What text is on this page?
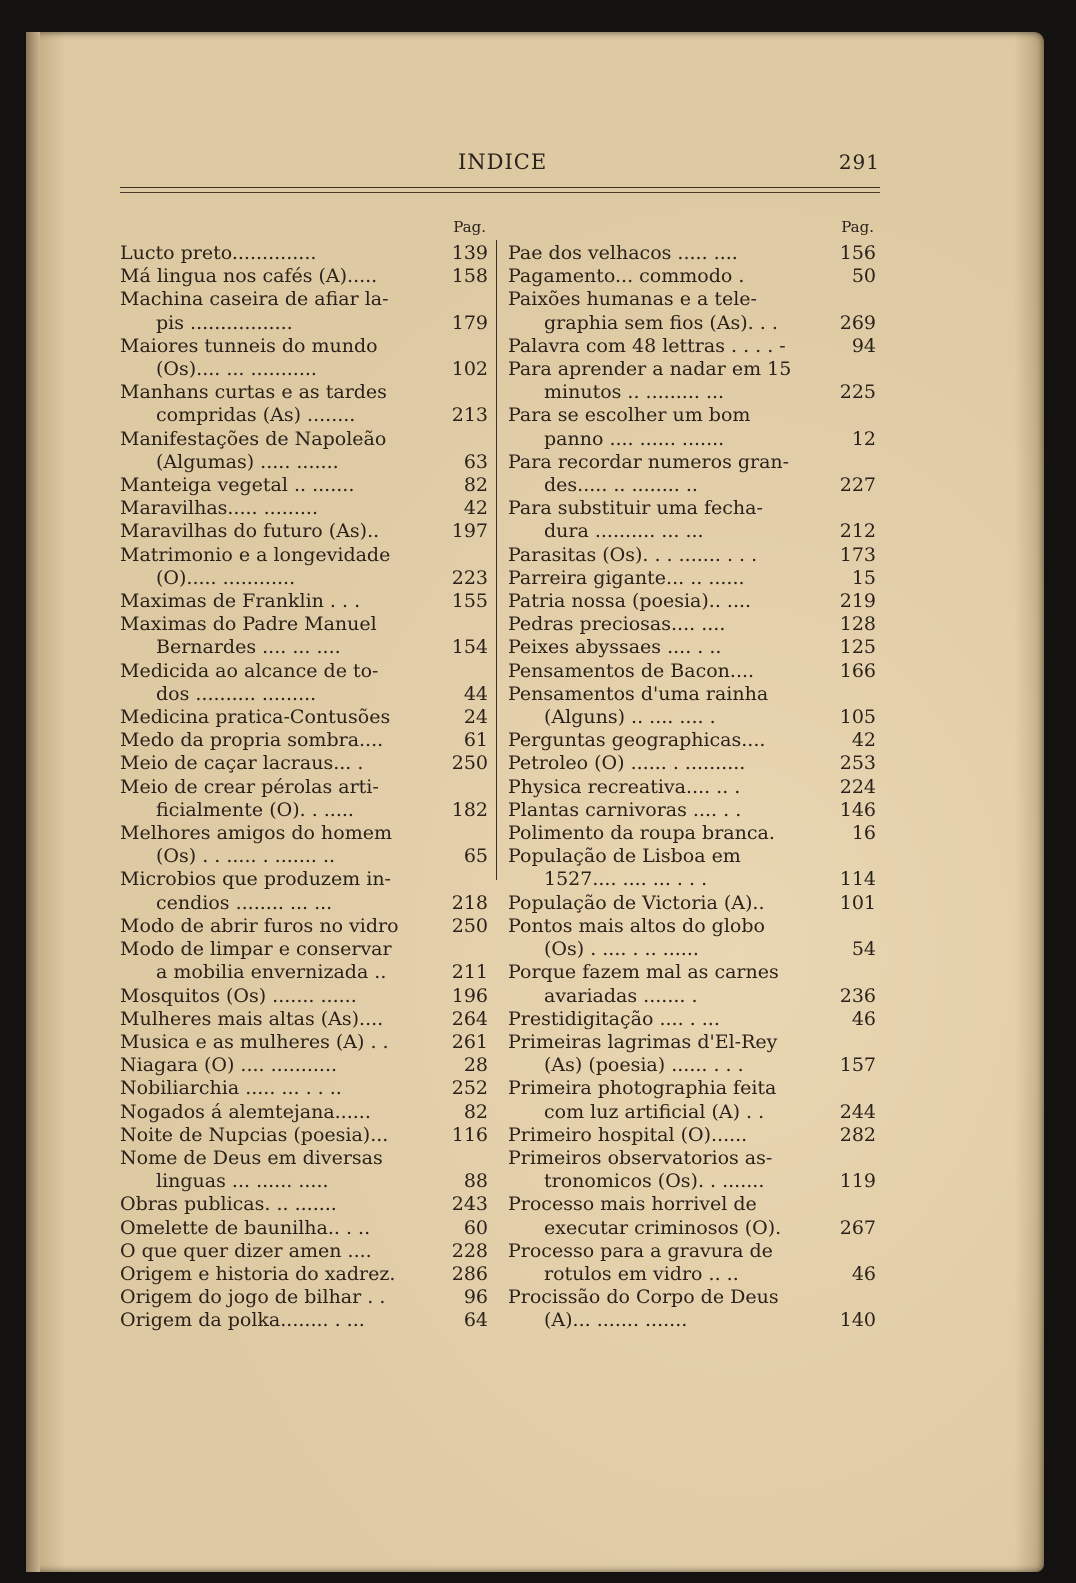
INDICE	291
Pag.
Lucto preto..............	139
Má lingua nos cafés (A).....	158
Machina caseira de afiar la-
pis .................	179
Maiores tunneis do mundo
(Os).... ... ...........	102
Manhans curtas e as tardes
compridas (As) ........	213
Manifestações de Napoleão
(Algumas) ..... .......	63
Manteiga vegetal .. .......	82
Maravilhas..... .........	42
Maravilhas do futuro (As)..	197
Matrimonio e a longevidade
(O)..... ............	223
Maximas de Franklin . . .	155
Maximas do Padre Manuel
Bernardes .... ... ....	154
Medicida ao alcance de to-
dos .......... .........	44
Medicina pratica-Contusões	24
Medo da propria sombra....	61
Meio de caçar lacraus... .	250
Meio de crear pérolas arti-
ficialmente (O). . .....	182
Melhores amigos do homem
(Os) . . ..... . ....... ..	65
Microbios que produzem in-
cendios ........ ... ...	218
Modo de abrir furos no vidro	250
Modo de limpar e conservar
a mobilia envernizada ..	211
Mosquitos (Os) ....... ......	196
Mulheres mais altas (As)....	264
Musica e as mulheres (A) . .	261
Niagara (O) .... ...........	28
Nobiliarchia ..... ... . . ..	252
Nogados á alemtejana......	82
Noite de Nupcias (poesia)...	116
Nome de Deus em diversas
linguas ... ...... .....	88
Obras publicas. .. .......	243
Omelette de baunilha.. . ..	60
O que quer dizer amen ....	228
Origem e historia do xadrez.	286
Origem do jogo de bilhar . .	96
Origem da polka........ . ...	64
Pag.
Pae dos velhacos ..... ....	156
Pagamento... commodo .	50
Paixões humanas e a tele-
graphia sem fios (As). . .	269
Palavra com 48 lettras . . . . -	94
Para aprender a nadar em 15
minutos .. ......... ...	225
Para se escolher um bom
panno .... ...... .......	12
Para recordar numeros gran-
des..... .. ........ ..	227
Para substituir uma fecha-
dura .......... ... ...	212
Parasitas (Os). . . ....... . . .	173
Parreira gigante... .. ......	15
Patria nossa (poesia).. ....	219
Pedras preciosas.... ....	128
Peixes abyssaes .... . ..	125
Pensamentos de Bacon....	166
Pensamentos d'uma rainha
(Alguns) .. .... .... .	105
Perguntas geographicas....	42
Petroleo (O) ...... . ..........	253
Physica recreativa.... .. .	224
Plantas carnivoras .... . .	146
Polimento da roupa branca.	16
População de Lisboa em
1527.... .... ... . . .	114
População de Victoria (A)..	101
Pontos mais altos do globo
(Os) . .... . .. ......	54
Porque fazem mal as carnes
avariadas ....... .	236
Prestidigitação .... . ...	46
Primeiras lagrimas d'El-Rey
(As) (poesia) ...... . . .	157
Primeira photographia feita
com luz artificial (A) . .	244
Primeiro hospital (O)......	282
Primeiros observatorios as-
tronomicos (Os). . .......	119
Processo mais horrivel de
executar criminosos (O).	267
Processo para a gravura de
rotulos em vidro .. ..	46
Procissão do Corpo de Deus
(A)... ....... .......	140
